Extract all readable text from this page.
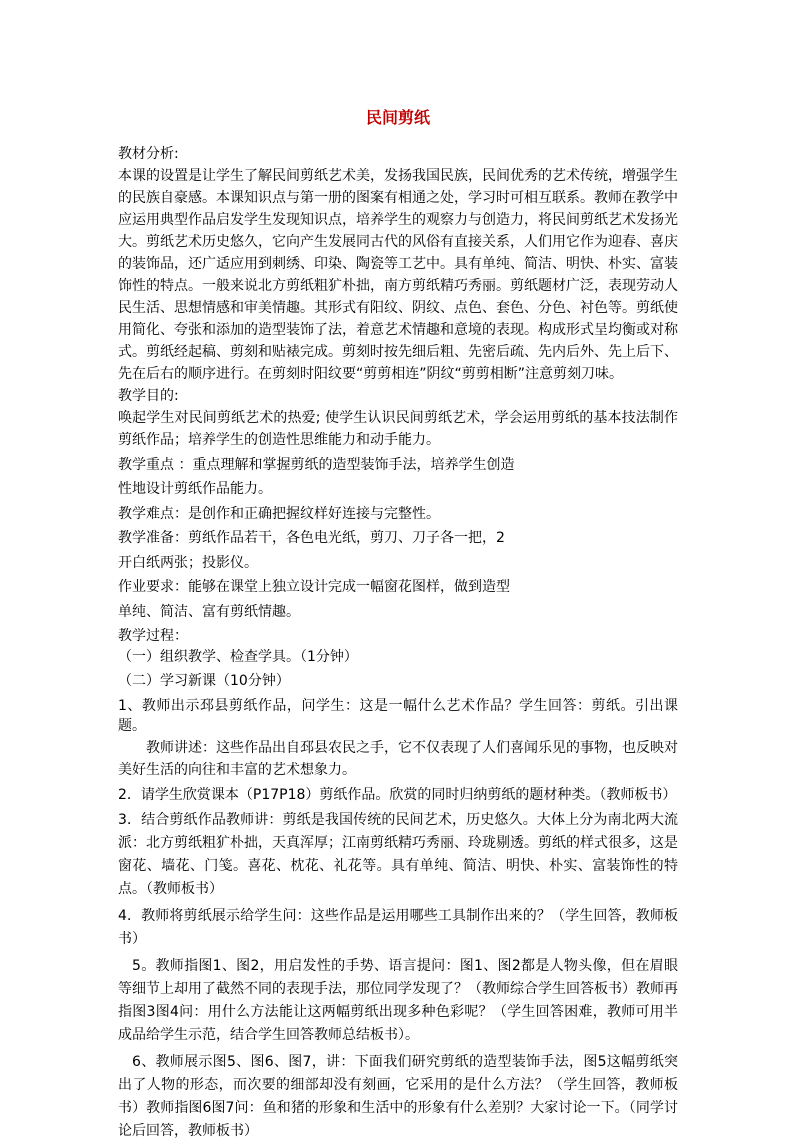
民间剪纸

教材分析:

本课的设置是让学生了解民间剪纸艺术美，发扬我国民族，民间优秀的艺术传统，增强学生的民族自豪感。本课知识点与第一册的图案有相通之处，学习时可相互联系。教师在教学中应运用典型作品启发学生发现知识点，培养学生的观察力与创造力，将民间剪纸艺术发扬光大。剪纸艺术历史悠久，它向产生发展同古代的风俗有直接关系，人们用它作为迎春、喜庆的装饰品，还广适应用到刺绣、印染、陶瓷等工艺中。具有单纯、简洁、明快、朴实、富装饰性的特点。一般来说北方剪纸粗犷朴拙，南方剪纸精巧秀丽。剪纸题材广泛，表现劳动人民生活、思想情感和审美情趣。其形式有阳纹、阴纹、点色、套色、分色、衬色等。剪纸使用简化、夸张和添加的造型装饰了法，着意艺术情趣和意境的表现。构成形式呈均衡或对称式。剪纸经起稿、剪刻和贴裱完成。剪刻时按先细后粗、先密后疏、先内后外、先上后下、先在后右的顺序进行。在剪刻时阳纹要“剪剪相连”阴纹“剪剪相断”注意剪刻刀味。

教学目的:

唤起学生对民间剪纸艺术的热爱; 使学生认识民间剪纸艺术，学会运用剪纸的基本技法制作剪纸作品；培养学生的创造性思维能力和动手能力。

教学重点 ：重点理解和掌握剪纸的造型装饰手法，培养学生创造

性地设计剪纸作品能力。

教学难点：是创作和正确把握纹样好连接与完整性。

教学准备：剪纸作品若干，各色电光纸，剪刀、刀子各一把，2

开白纸两张；投影仪。

作业要求：能够在课堂上独立设计完成一幅窗花图样，做到造型

单纯、简洁、富有剪纸情趣。

教学过程：

（一）组织教学、检查学具。（1分钟）

（二）学习新课（10分钟）

1、教师出示邳县剪纸作品，问学生：这是一幅什么艺术作品？学生回答：剪纸。引出课题。

教师讲述：这些作品出自邳县农民之手，它不仅表现了人们喜闻乐见的事物，也反映对美好生活的向往和丰富的艺术想象力。

2．请学生欣赏课本（P17P18）剪纸作品。欣赏的同时归纳剪纸的题材种类。（教师板书）

3．结合剪纸作品教师讲：剪纸是我国传统的民间艺术，历史悠久。大体上分为南北两大流派：北方剪纸粗犷朴拙，天真浑厚；江南剪纸精巧秀丽、玲珑剔透。剪纸的样式很多，这是窗花、墙花、门笺。喜花、枕花、礼花等。具有单纯、简洁、明快、朴实、富装饰性的特点。（教师板书）

4．教师将剪纸展示给学生问：这些作品是运用哪些工具制作出来的？（学生回答，教师板书）

5。教师指图1、图2，用启发性的手势、语言提问：图1、图2都是人物头像，但在眉眼等细节上却用了截然不同的表现手法，那位同学发现了？（教师综合学生回答板书）教师再指图3图4问：用什么方法能让这两幅剪纸出现多种色彩呢？（学生回答困难，教师可用半成品给学生示范，结合学生回答教师总结板书）。

6、教师展示图5、图6、图7，讲：下面我们研究剪纸的造型装饰手法，图5这幅剪纸突出了人物的形态，而次要的细部却没有刻画，它采用的是什么方法？（学生回答，教师板书）教师指图6图7问：鱼和猪的形象和生活中的形象有什么差别？大家讨论一下。（同学讨论后回答，教师板书）
